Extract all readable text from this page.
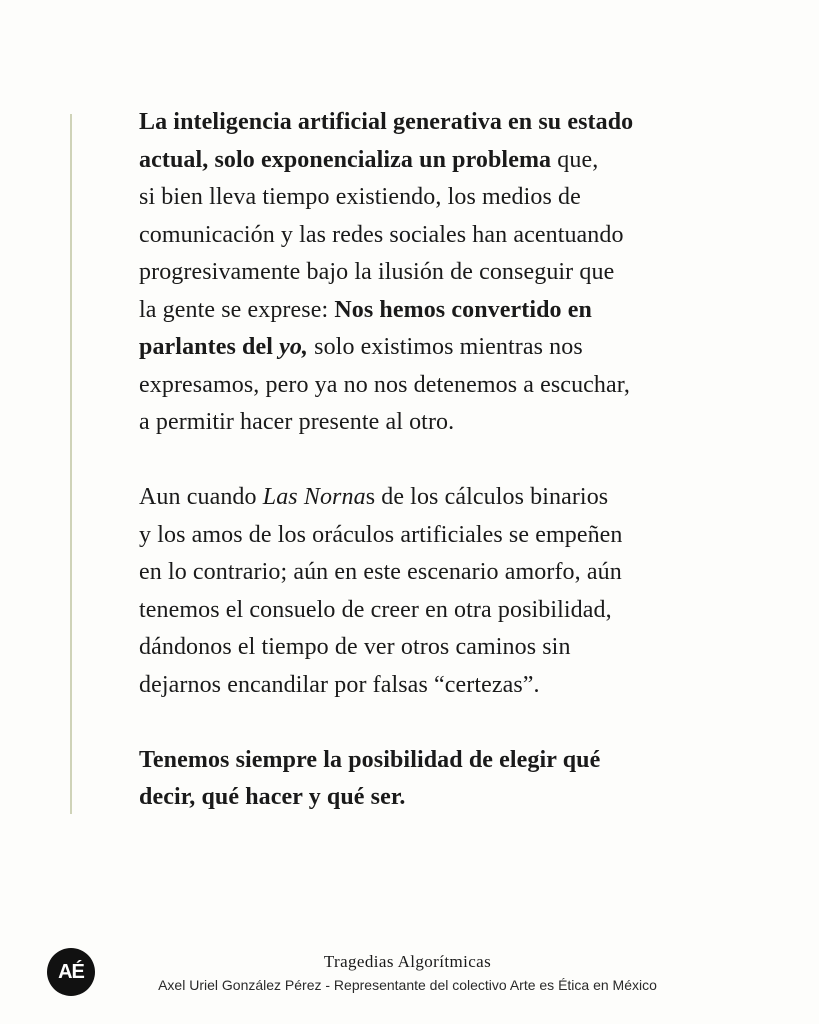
La inteligencia artificial generativa en su estado
actual, solo exponencializa un problema que,
si bien lleva tiempo existiendo, los medios de
comunicación y las redes sociales han acentuando
progresivamente bajo la ilusión de conseguir que
la gente se exprese: Nos hemos convertido en
parlantes del yo, solo existimos mientras nos
expresamos, pero ya no nos detenemos a escuchar,
a permitir hacer presente al otro.

Aun cuando Las Nornas de los cálculos binarios
y los amos de los oráculos artificiales se empeñen
en lo contrario; aún en este escenario amorfo, aún
tenemos el consuelo de creer en otra posibilidad,
dándonos el tiempo de ver otros caminos sin
dejarnos encandilar por falsas “certezas”.

Tenemos siempre la posibilidad de elegir qué
decir, qué hacer y qué ser.

AÉ	Tragedias Algorítmicas
Axel Uriel González Pérez - Representante del colectivo Arte es Ética en México
